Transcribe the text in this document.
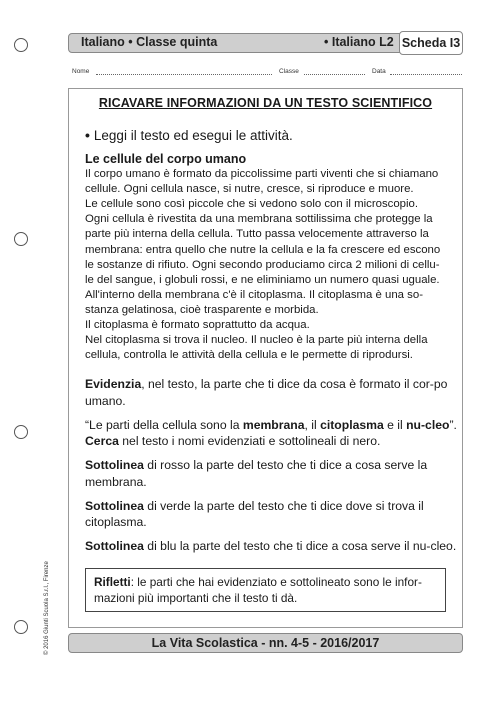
Italiano • Classe quinta	• Italiano L2 Scheda I3
Nome	Classe	Data
RICAVARE INFORMAZIONI DA UN TESTO SCIENTIFICO
• Leggi il testo ed esegui le attività.

Le cellule del corpo umano

Il corpo umano è formato da piccolissime parti viventi che si chiamano

cellule. Ogni cellula nasce, si nutre, cresce, si riproduce e muore.

Le cellule sono così piccole che si vedono solo con il microscopio.

Ogni cellula è rivestita da una membrana sottilissima che protegge la

parte più interna della cellula. Tutto passa velocemente attraverso la

membrana: entra quello che nutre la cellula e la fa crescere ed escono

le sostanze di rifiuto. Ogni secondo produciamo circa 2 milioni di cellu-

le del sangue, i globuli rossi, e ne eliminiamo un numero quasi uguale.

All'interno della membrana c'è il citoplasma. Il citoplasma è una so-

stanza gelatinosa, cioè trasparente e morbida.

Il citoplasma è formato soprattutto da acqua.

Nel citoplasma si trova il nucleo. Il nucleo è la parte più interna della

cellula, controlla le attività della cellula e le permette di riprodursi.

Evidenzia, nel testo, la parte che ti dice da cosa è formato il cor-po umano.

“Le parti della cellula sono la membrana, il citoplasma e il nu-cleo”. Cerca nel testo i nomi evidenziati e sottolineali di nero.

Sottolinea di rosso la parte del testo che ti dice a cosa serve la membrana.

Sottolinea di verde la parte del testo che ti dice dove si trova il citoplasma.

Sottolinea di blu la parte del testo che ti dice a cosa serve il nu-cleo.

Rifletti: le parti che hai evidenziato e sottolineato sono le infor-mazioni più importanti che il testo ti dà.
La Vita Scolastica - nn. 4-5 - 2016/2017
© 2016 Giunti Scuola S.r.l., Firenze
